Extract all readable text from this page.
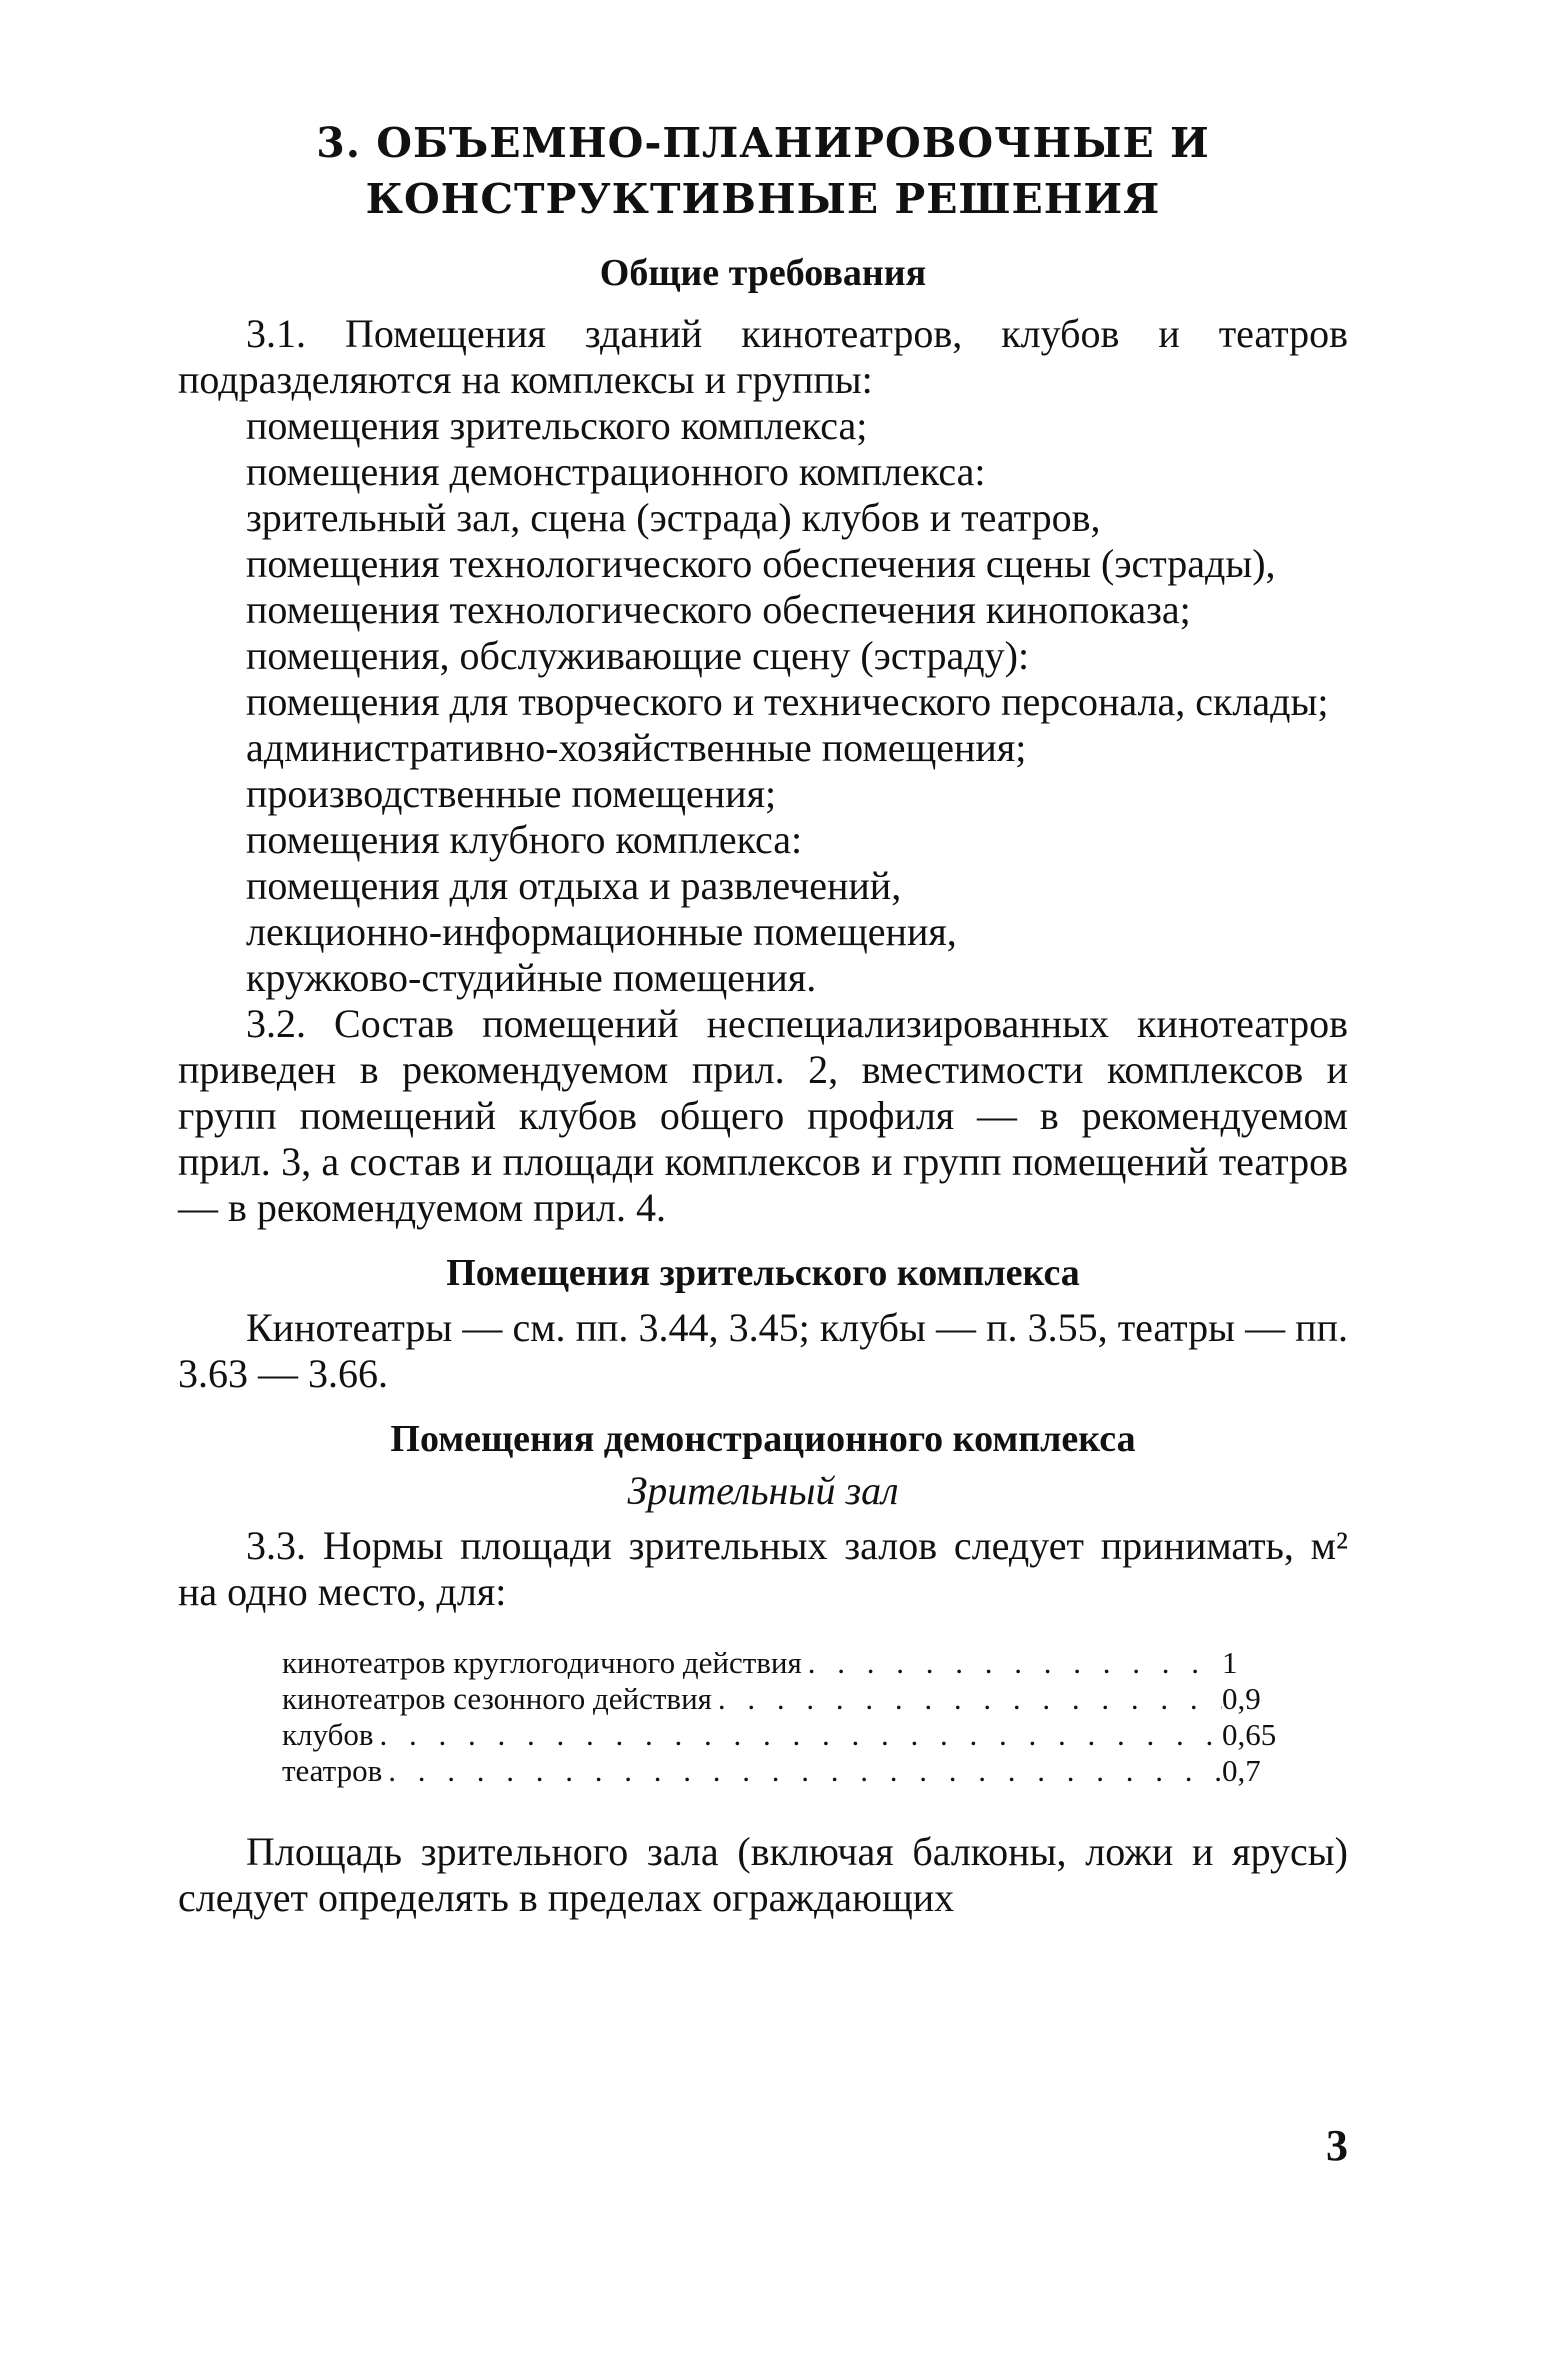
3. ОБЪЕМНО-ПЛАНИРОВОЧНЫЕ И
КОНСТРУКТИВНЫЕ РЕШЕНИЯ
Общие требования

3.1. Помещения зданий кинотеатров, клубов и театров подразделяются на комплексы и группы:

помещения зрительского комплекса;

помещения демонстрационного комплекса:

зрительный зал, сцена (эстрада) клубов и театров,

помещения технологического обеспечения сцены (эстрады),

помещения технологического обеспечения кинопоказа;

помещения, обслуживающие сцену (эстраду):

помещения для творческого и технического персонала, склады;

административно-хозяйственные помещения;

производственные помещения;

помещения клубного комплекса:

помещения для отдыха и развлечений,

лекционно-информационные помещения,

кружково-студийные помещения.

3.2. Состав помещений неспециализированных кинотеатров приведен в рекомендуемом прил. 2, вместимости комплексов и групп помещений клубов общего профиля — в рекомендуемом прил. 3, а состав и площади комплексов и групп помещений театров — в рекомендуемом прил. 4.

Помещения зрительского комплекса

Кинотеатры — см. пп. 3.44, 3.45; клубы — п. 3.55, театры — пп. 3.63 — 3.66.

Помещения демонстрационного комплекса
Зрительный зал

3.3. Нормы площади зрительных залов следует принимать, м² на одно место, для:

кинотеатров круглогодичного действия . . .	1
кинотеатров сезонного действия . . .	0,9
клубов . . .	0,65
театров . . .	0,7

Площадь зрительного зала (включая балконы, ложи и ярусы) следует определять в пределах ограждающих

3
